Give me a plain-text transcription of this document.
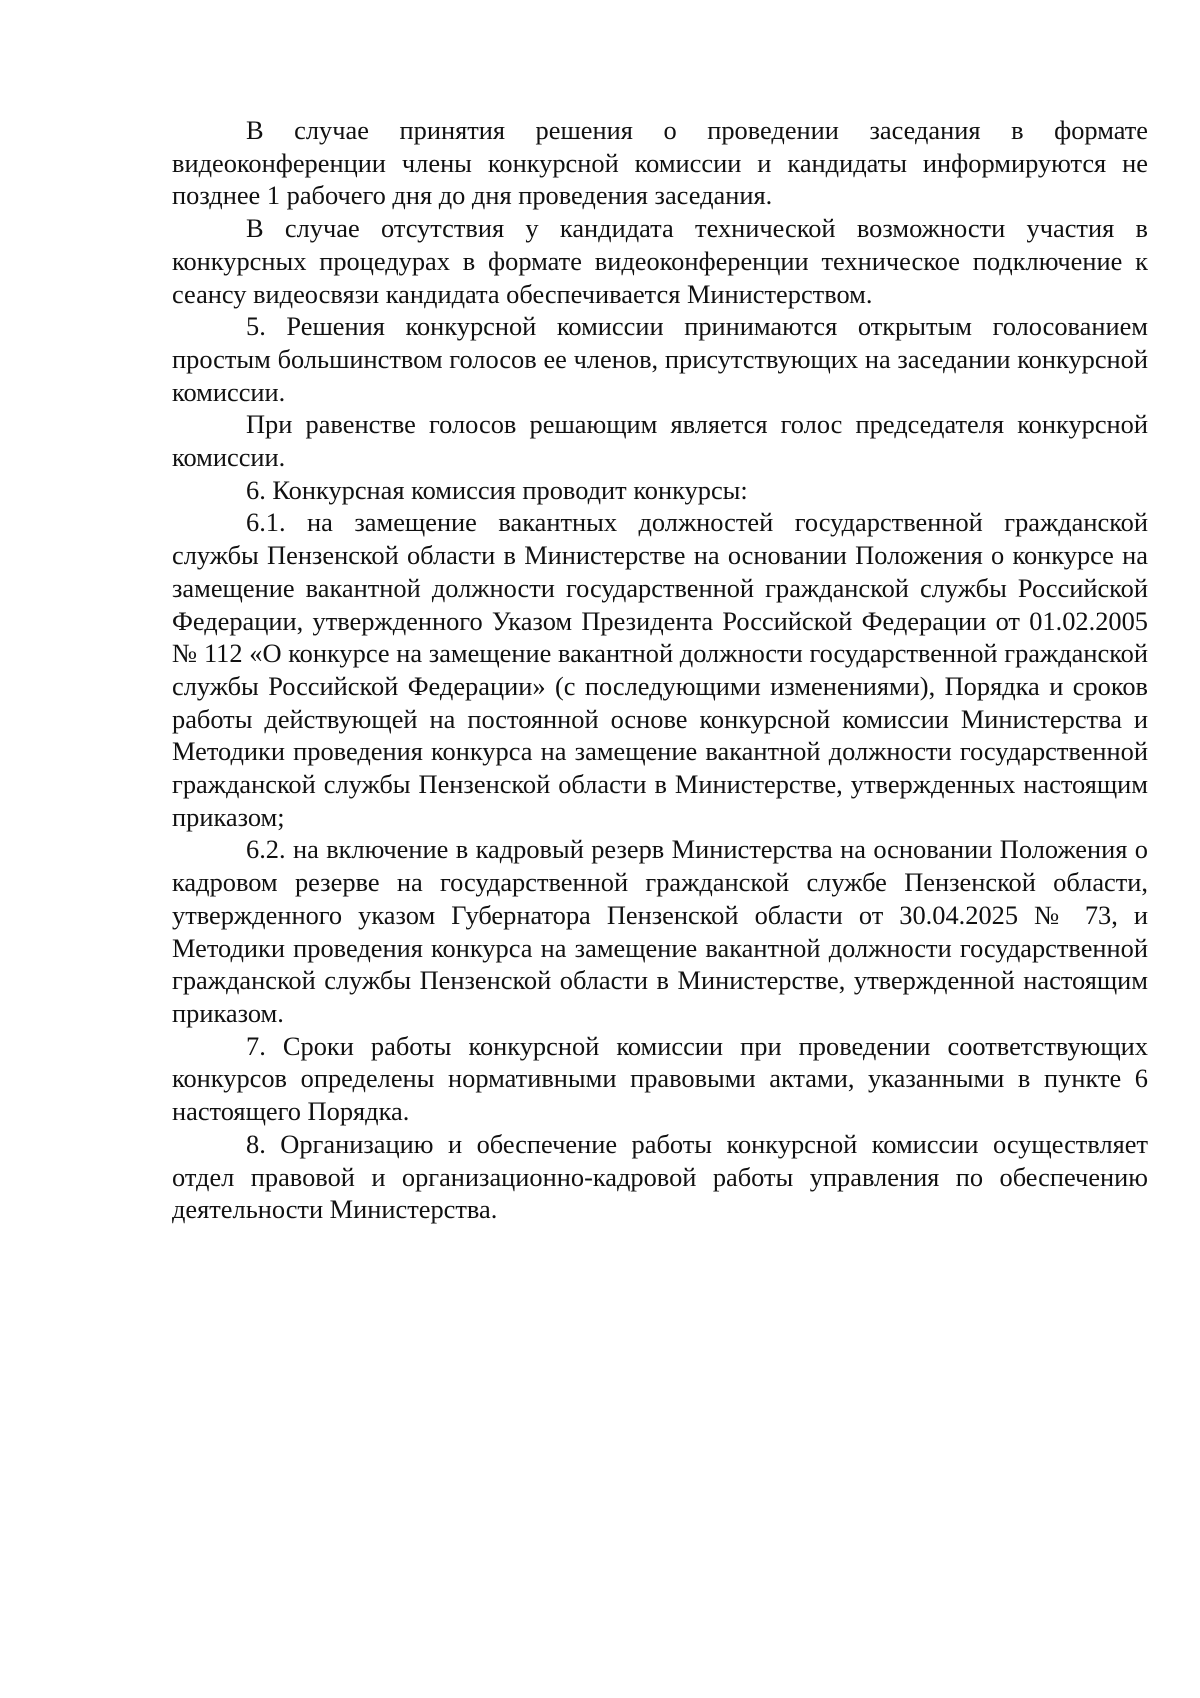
В случае принятия решения о проведении заседания в формате видеоконференции члены конкурсной комиссии и кандидаты информируются не позднее 1 рабочего дня до дня проведения заседания.

В случае отсутствия у кандидата технической возможности участия в конкурсных процедурах в формате видеоконференции техническое подключение к сеансу видеосвязи кандидата обеспечивается Министерством.

5. Решения конкурсной комиссии принимаются открытым голосованием простым большинством голосов ее членов, присутствующих на заседании конкурсной комиссии.

При равенстве голосов решающим является голос председателя конкурсной комиссии.

6. Конкурсная комиссия проводит конкурсы:

6.1. на замещение вакантных должностей государственной гражданской службы Пензенской области в Министерстве на основании Положения о конкурсе на замещение вакантной должности государственной гражданской службы Российской Федерации, утвержденного Указом Президента Российской Федерации от 01.02.2005 № 112 «О конкурсе на замещение вакантной должности государственной гражданской службы Российской Федерации» (с последующими изменениями), Порядка и сроков работы действующей на постоянной основе конкурсной комиссии Министерства и Методики проведения конкурса на замещение вакантной должности государственной гражданской службы Пензенской области в Министерстве, утвержденных настоящим приказом;

6.2. на включение в кадровый резерв Министерства на основании Положения о кадровом резерве на государственной гражданской службе Пензенской области, утвержденного указом Губернатора Пензенской области от 30.04.2025 № 73, и Методики проведения конкурса на замещение вакантной должности государственной гражданской службы Пензенской области в Министерстве, утвержденной настоящим приказом.

7. Сроки работы конкурсной комиссии при проведении соответствующих конкурсов определены нормативными правовыми актами, указанными в пункте 6 настоящего Порядка.

8. Организацию и обеспечение работы конкурсной комиссии осуществляет отдел правовой и организационно-кадровой работы управления по обеспечению деятельности Министерства.
